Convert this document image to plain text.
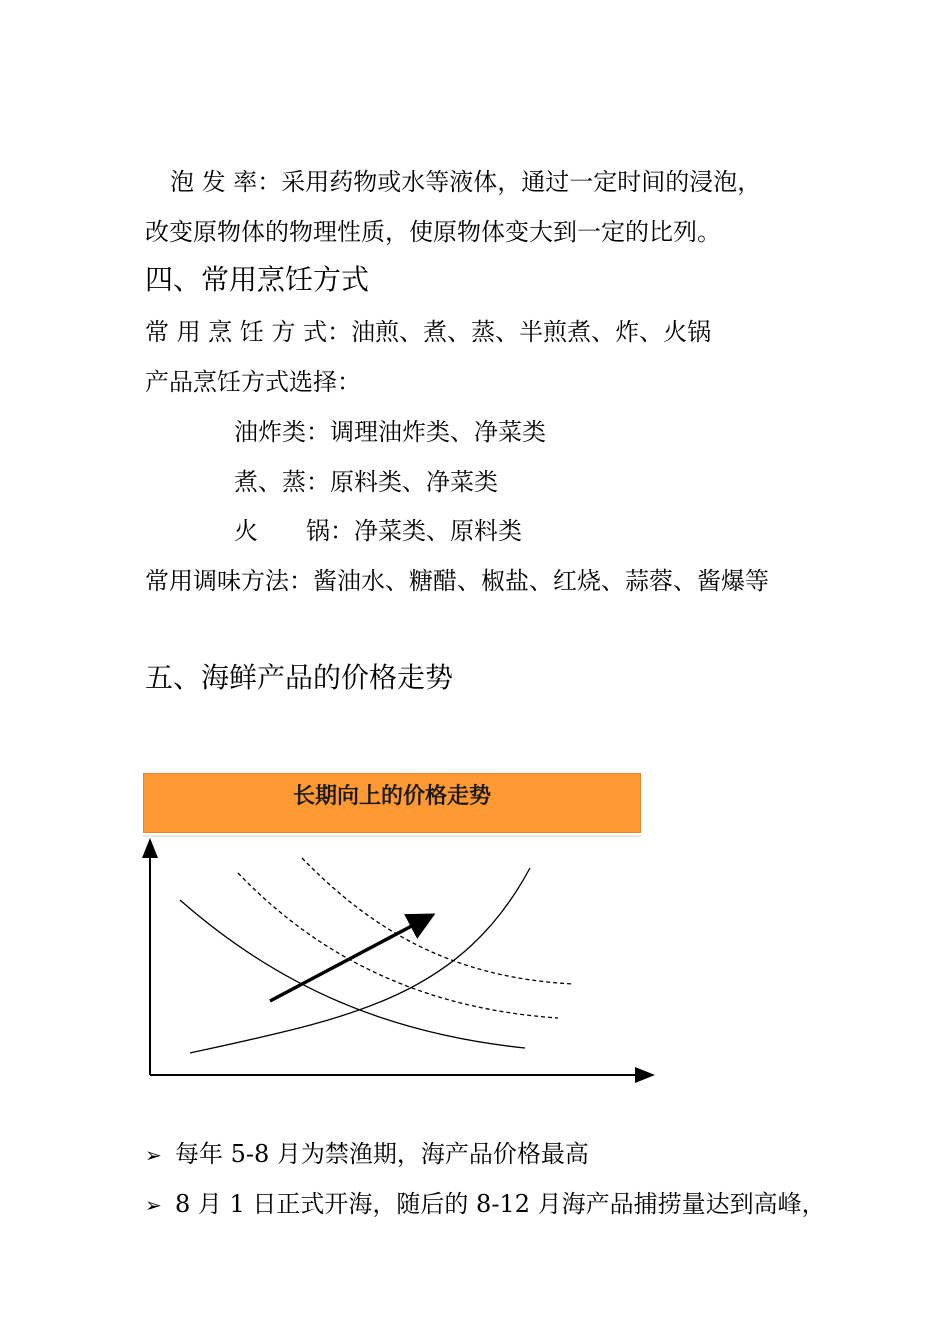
泡 发 率：采用药物或水等液体，通过一定时间的浸泡，
改变原物体的物理性质，使原物体变大到一定的比列。
四、常用烹饪方式
常 用 烹 饪 方 式：油煎、煮、蒸、半煎煮、炸、火锅
产品烹饪方式选择：
油炸类：调理油炸类、净菜类
煮、蒸：原料类、净菜类
火　　锅：净菜类、原料类
常用调味方法：酱油水、糖醋、椒盐、红烧、蒜蓉、酱爆等
五、海鲜产品的价格走势
长期向上的价格走势
➢ 每年 5-8 月为禁渔期，海产品价格最高
➢ 8 月 1 日正式开海，随后的 8-12 月海产品捕捞量达到高峰，
